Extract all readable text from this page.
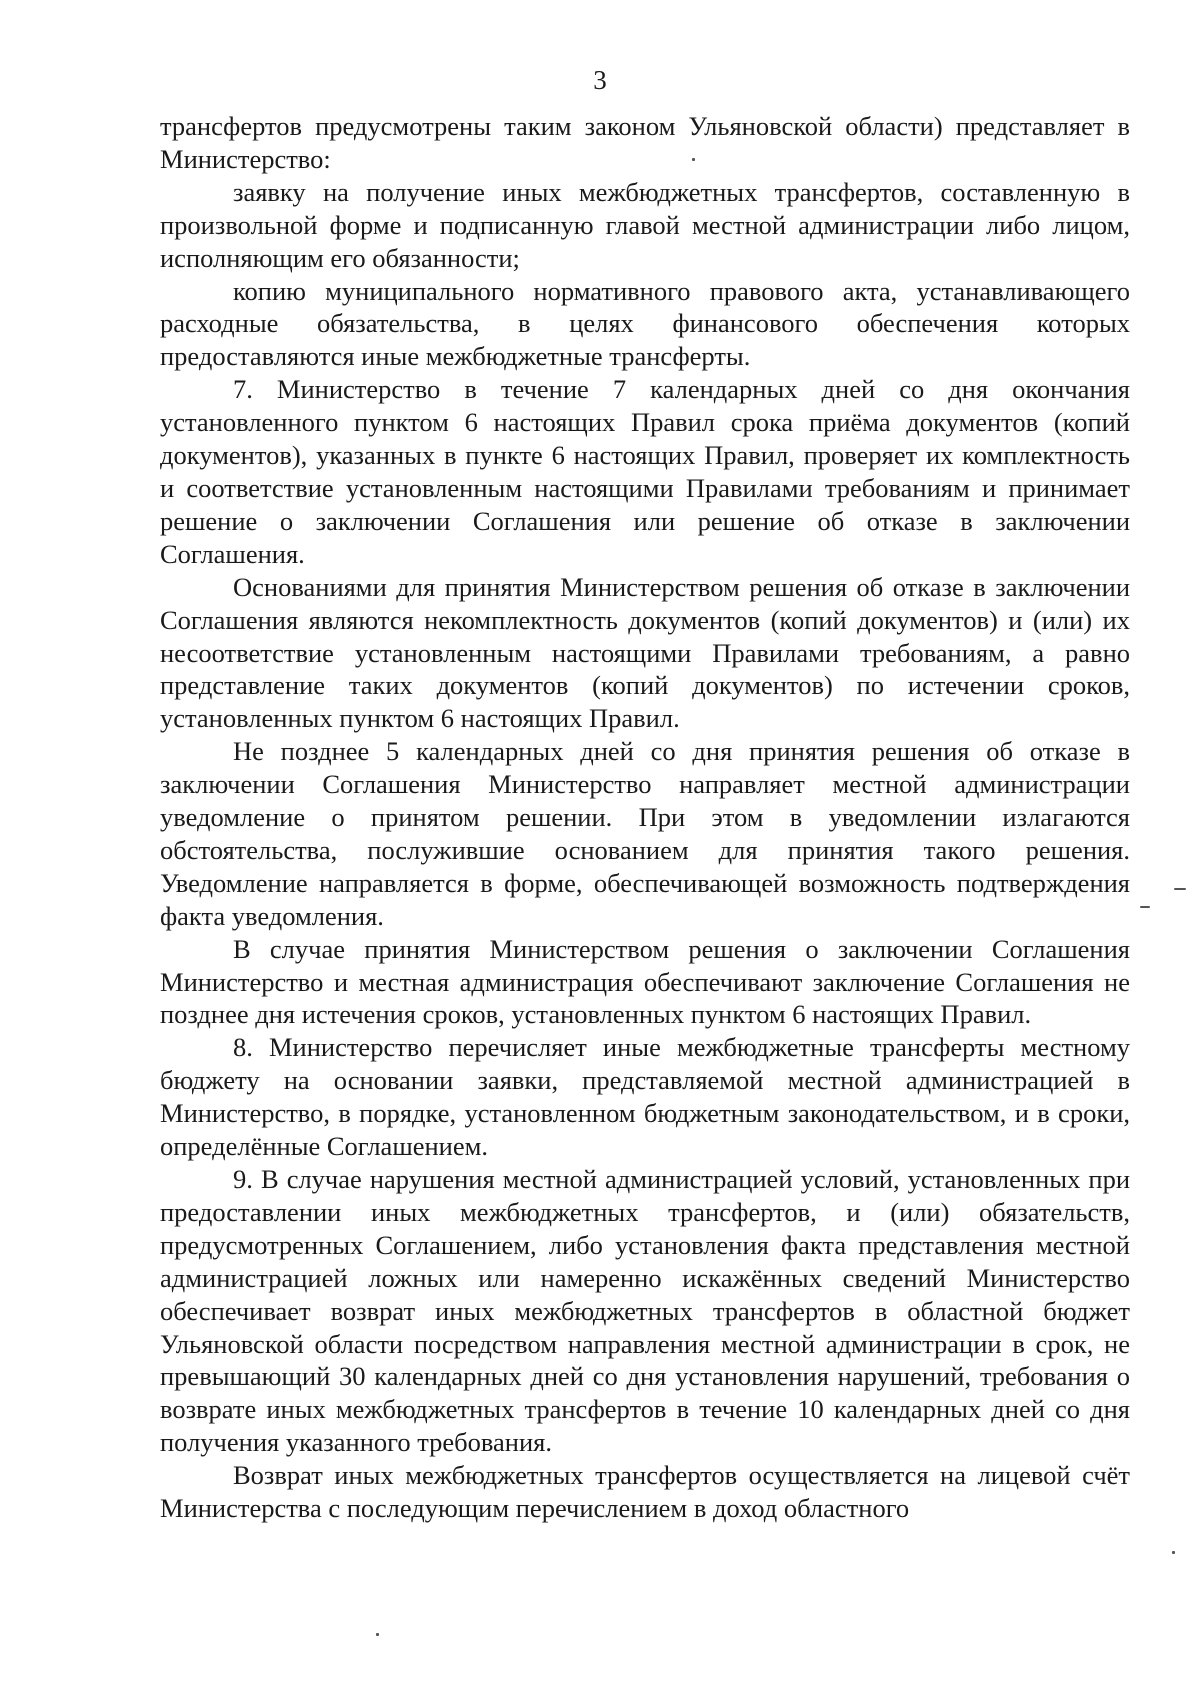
3

трансфертов предусмотрены таким законом Ульяновской области) представляет в Министерство:

заявку на получение иных межбюджетных трансфертов, составленную в произвольной форме и подписанную главой местной администрации либо лицом, исполняющим его обязанности;

копию муниципального нормативного правового акта, устанавливающего расходные обязательства, в целях финансового обеспечения которых предоставляются иные межбюджетные трансферты.

7. Министерство в течение 7 календарных дней со дня окончания установленного пунктом 6 настоящих Правил срока приёма документов (копий документов), указанных в пункте 6 настоящих Правил, проверяет их комплектность и соответствие установленным настоящими Правилами требованиям и принимает решение о заключении Соглашения или решение об отказе в заключении Соглашения.

Основаниями для принятия Министерством решения об отказе в заключении Соглашения являются некомплектность документов (копий документов) и (или) их несоответствие установленным настоящими Правилами требованиям, а равно представление таких документов (копий документов) по истечении сроков, установленных пунктом 6 настоящих Правил.

Не позднее 5 календарных дней со дня принятия решения об отказе в заключении Соглашения Министерство направляет местной администрации уведомление о принятом решении. При этом в уведомлении излагаются обстоятельства, послужившие основанием для принятия такого решения. Уведомление направляется в форме, обеспечивающей возможность подтверждения факта уведомления.

В случае принятия Министерством решения о заключении Соглашения Министерство и местная администрация обеспечивают заключение Соглашения не позднее дня истечения сроков, установленных пунктом 6 настоящих Правил.

8. Министерство перечисляет иные межбюджетные трансферты местному бюджету на основании заявки, представляемой местной администрацией в Министерство, в порядке, установленном бюджетным законодательством, и в сроки, определённые Соглашением.

9. В случае нарушения местной администрацией условий, установленных при предоставлении иных межбюджетных трансфертов, и (или) обязательств, предусмотренных Соглашением, либо установления факта представления местной администрацией ложных или намеренно искажённых сведений Министерство обеспечивает возврат иных межбюджетных трансфертов в областной бюджет Ульяновской области посредством направления местной администрации в срок, не превышающий 30 календарных дней со дня установления нарушений, требования о возврате иных межбюджетных трансфертов в течение 10 календарных дней со дня получения указанного требования.

Возврат иных межбюджетных трансфертов осуществляется на лицевой счёт Министерства с последующим перечислением в доход областного
